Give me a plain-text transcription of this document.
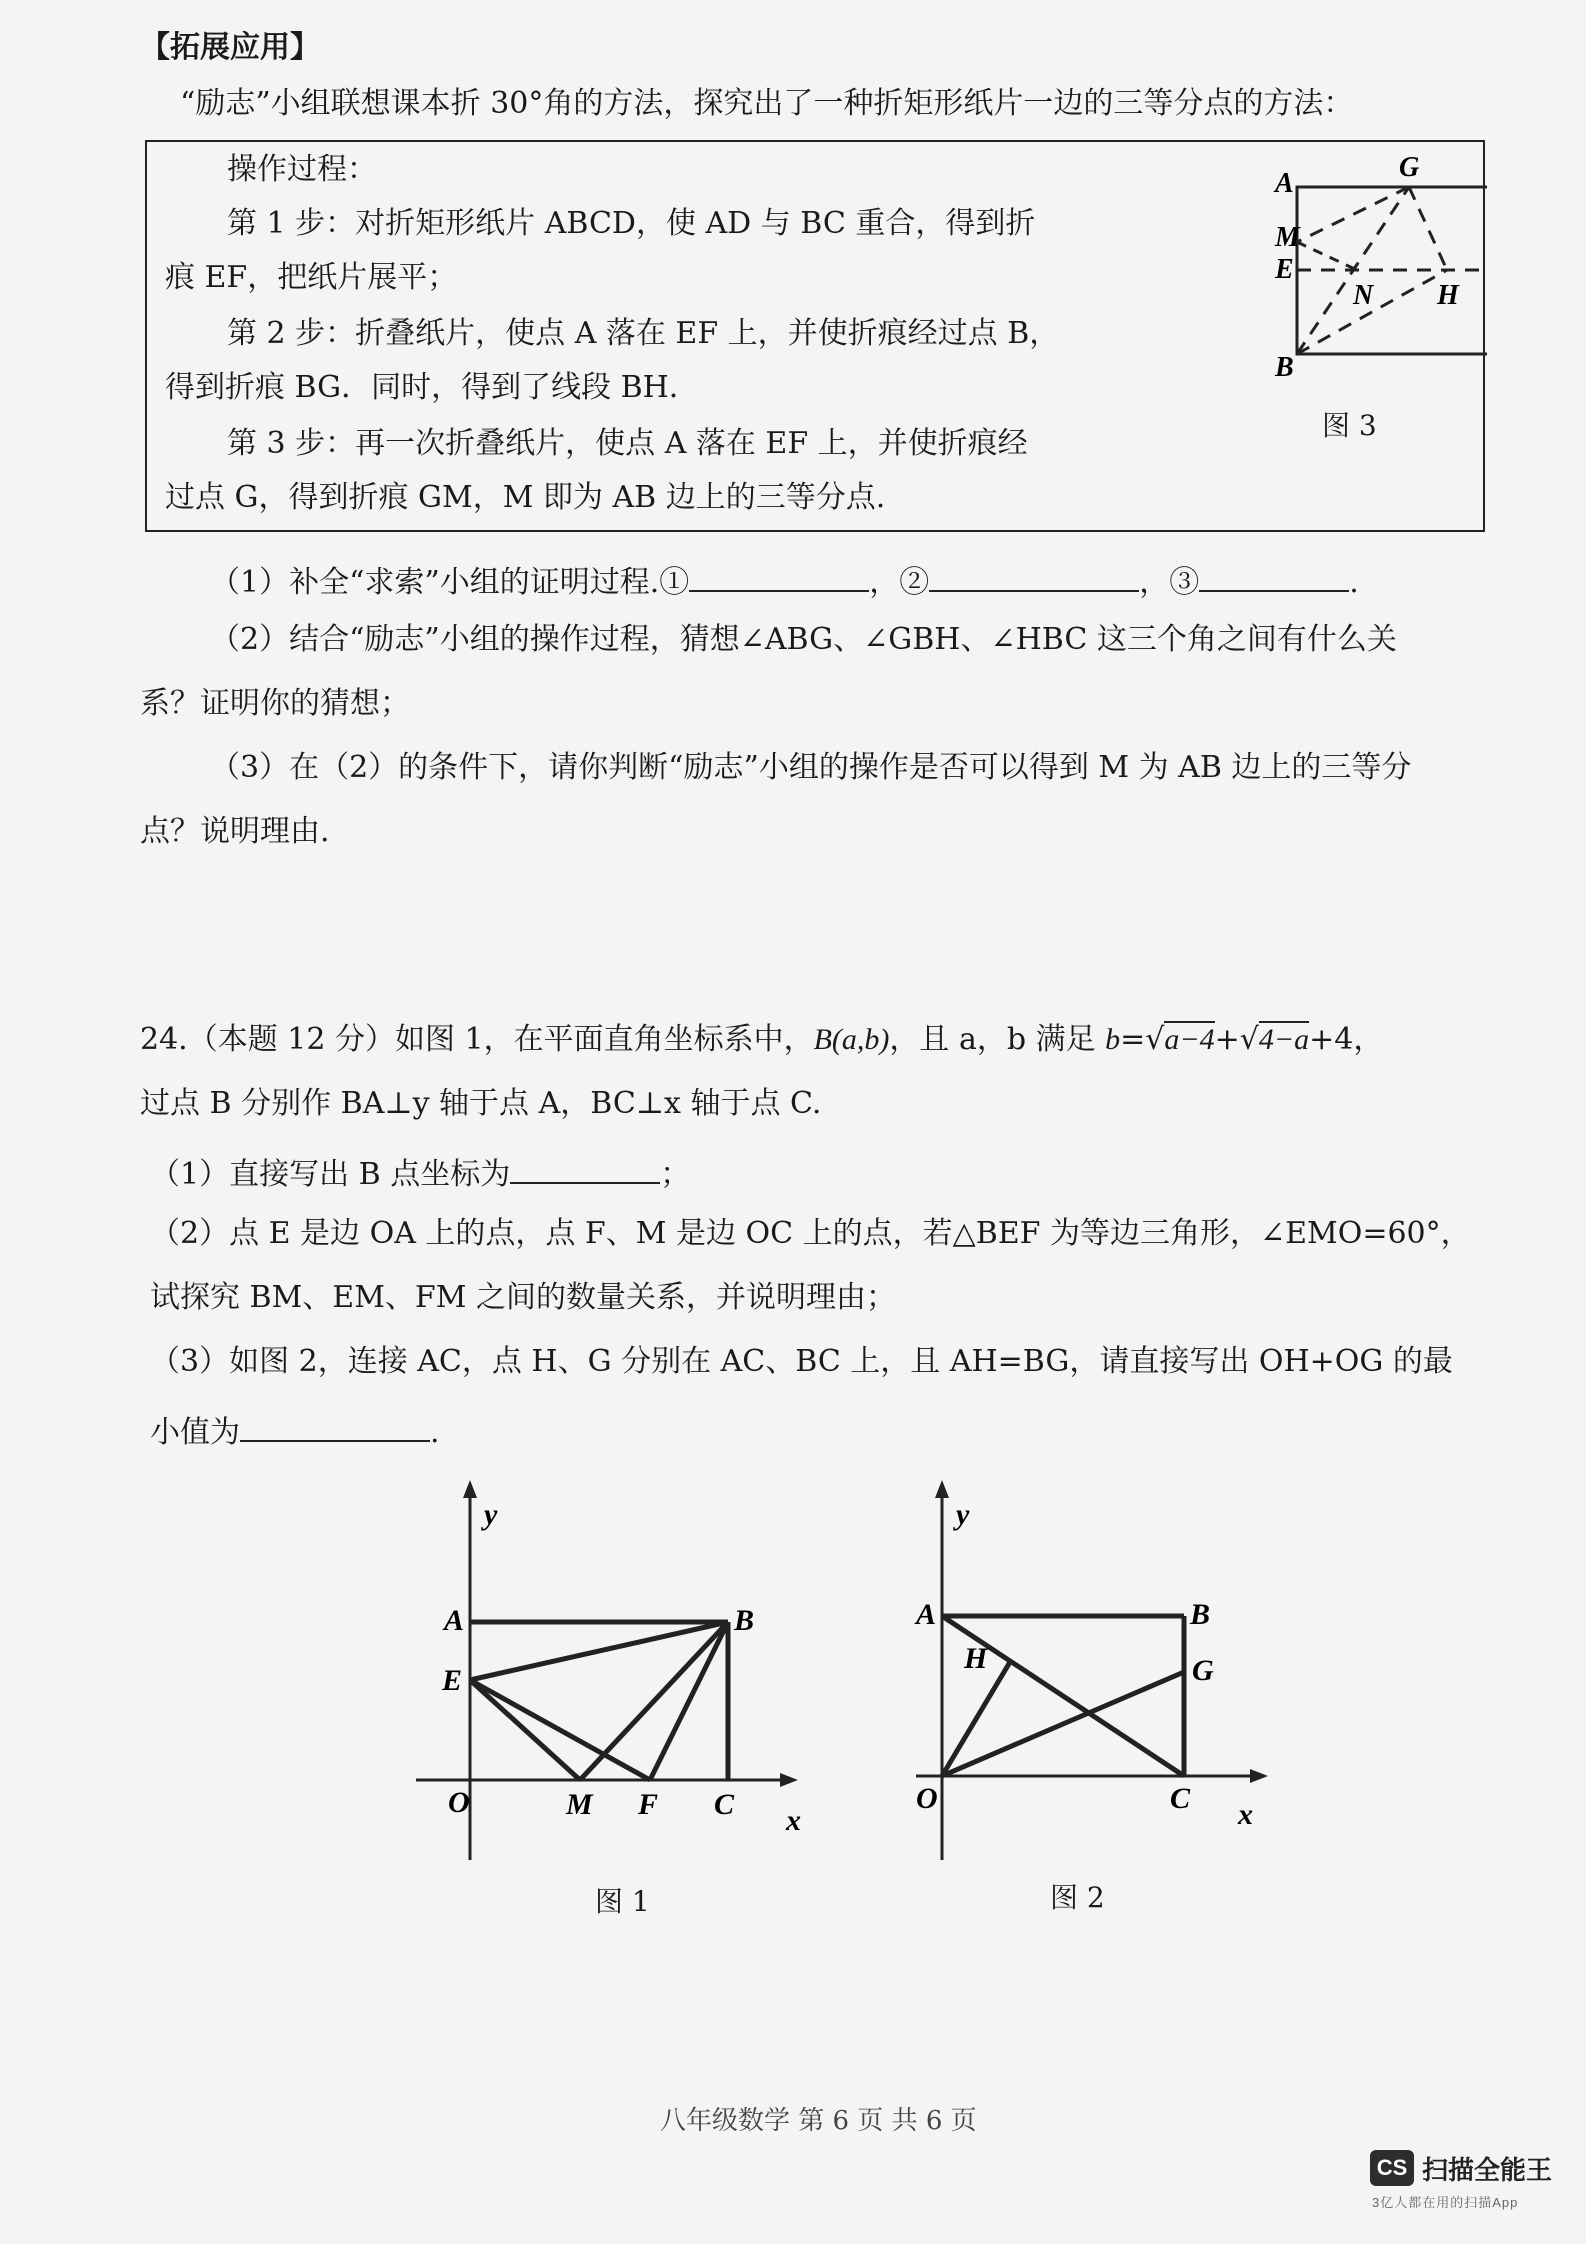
【拓展应用】
“励志”小组联想课本折 30°角的方法，探究出了一种折矩形纸片一边的三等分点的方法：
操作过程：
第 1 步：对折矩形纸片 ABCD，使 AD 与 BC 重合，得到折
痕 EF，把纸片展平；
第 2 步：折叠纸片，使点 A 落在 EF 上，并使折痕经过点 B，
得到折痕 BG．同时，得到了线段 BH．
第 3 步：再一次折叠纸片，使点 A 落在 EF 上，并使折痕经
过点 G，得到折痕 GM，M 即为 AB 边上的三等分点.
A
G
M
E
N H
B
图 3
（1）补全“求索”小组的证明过程.①	，②	，③	.
（2）结合“励志”小组的操作过程，猜想∠ABG、∠GBH、∠HBC 这三个角之间有什么关
系？证明你的猜想；
（3）在（2）的条件下，请你判断“励志”小组的操作是否可以得到 M 为 AB 边上的三等分
点？说明理由.
24.（本题 12 分）如图 1，在平面直角坐标系中，B(a,b)，且 a，b 满足 b=√a−4+√4−a+4，
过点 B 分别作 BA⊥y 轴于点 A，BC⊥x 轴于点 C.
（1）直接写出 B 点坐标为	；
（2）点 E 是边 OA 上的点，点 F、M 是边 OC 上的点，若△BEF 为等边三角形，∠EMO=60°，
试探究 BM、EM、FM 之间的数量关系，并说明理由；
（3）如图 2，连接 AC，点 H、G 分别在 AC、BC 上，且 AH=BG，请直接写出 OH+OG 的最
小值为	.
y
A	B
E
O	M F C x
图 1
y
A	B
H	G
O	C x
图 2
八年级数学 第 6 页 共 6 页
CS 扫描全能王
3亿人都在用的扫描App
